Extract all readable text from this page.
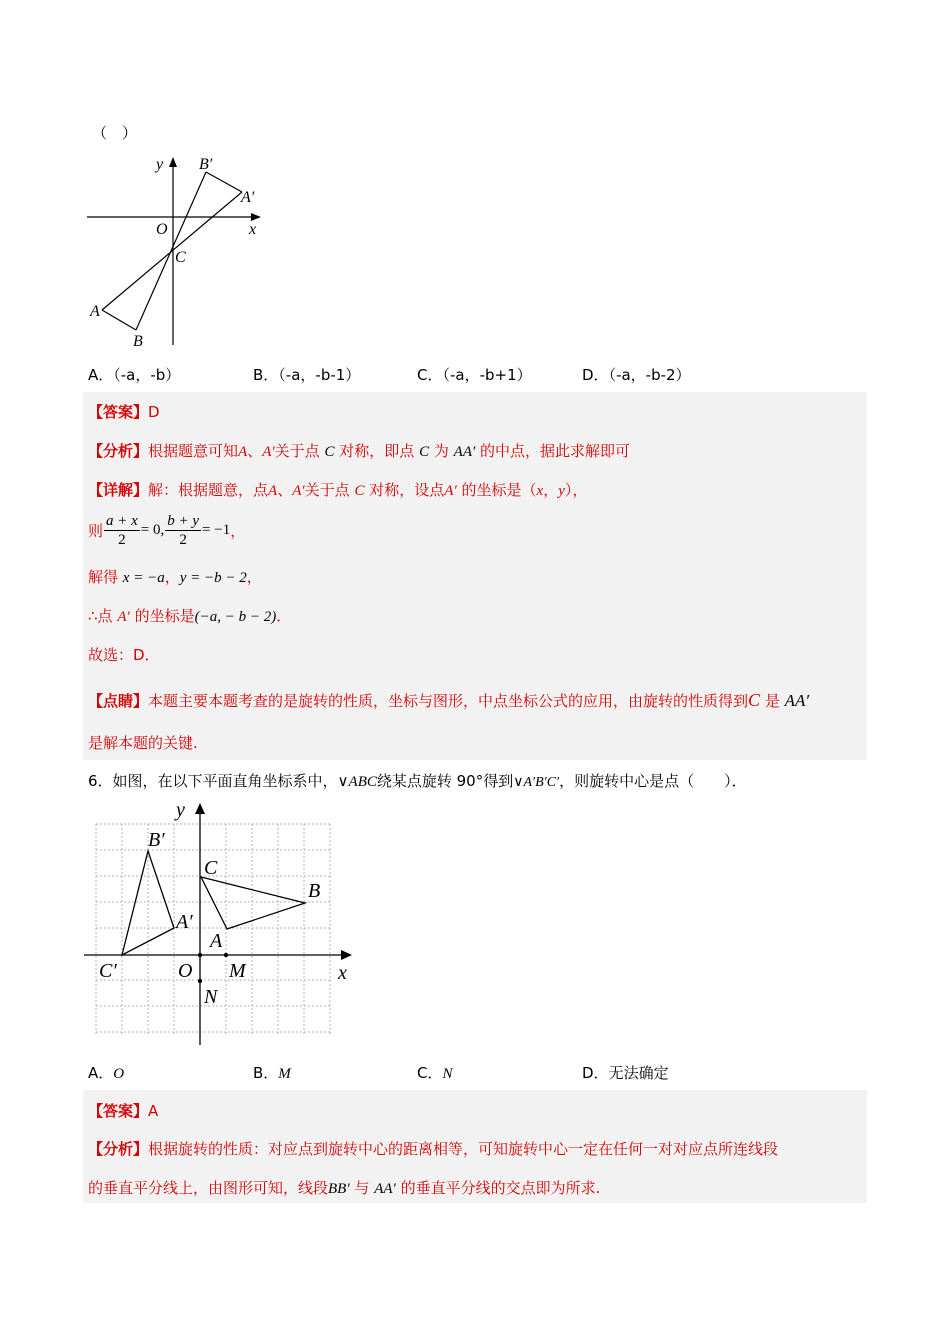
（　）
y
x
O
C
A
B
A′
B′
A．（-a，-b）	B．（-a，-b-1）	C．（-a，-b+1）	D．（-a，-b-2）
【答案】D
【分析】根据题意可知A、A′关于点 C 对称，即点 C 为 AA′ 的中点，据此求解即可
【详解】解：根据题意，点A、A′关于点 C 对称，设点A′ 的坐标是（x，y），
则 $\frac{a + x}{2} = 0$, $\frac{b + y}{2} = -1$，
解得 x = −a，y = −b − 2，
∴点 A′ 的坐标是(−a, − b − 2)．
故选：D．
【点睛】本题主要本题考查的是旋转的性质，坐标与图形，中点坐标公式的应用，由旋转的性质得到C 是 AA′
是解本题的关键.
6．如图，在以下平面直角坐标系中，∨ABC绕某点旋转 90°得到∨A′B′C′，则旋转中心是点（　　）．
y
x
O M
N
A
B
C
A′
B′
C′
A．O	B．M	C．N	D．无法确定
【答案】A
【分析】根据旋转的性质：对应点到旋转中心的距离相等，可知旋转中心一定在任何一对对应点所连线段
的垂直平分线上，由图形可知，线段BB′ 与 AA′ 的垂直平分线的交点即为所求.
